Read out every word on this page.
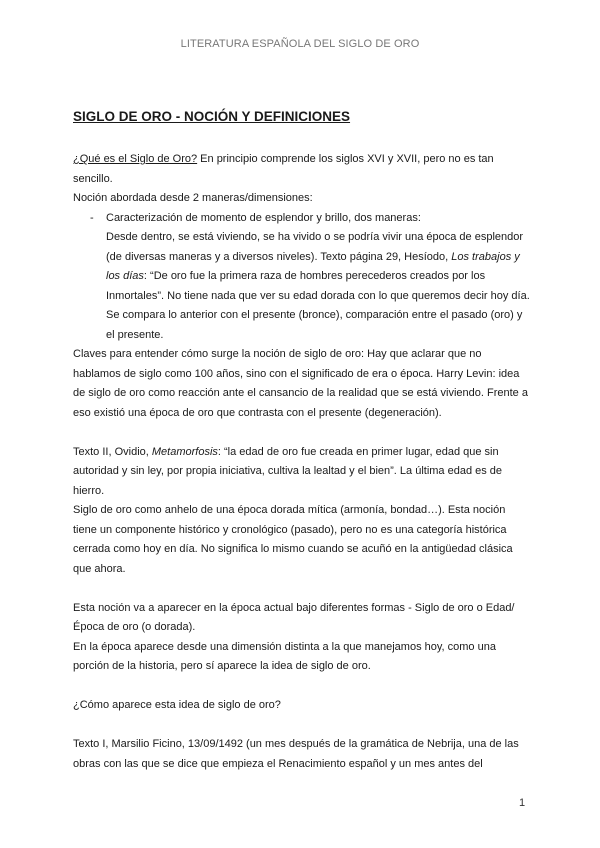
LITERATURA ESPAÑOLA DEL SIGLO DE ORO
SIGLO DE ORO - NOCIÓN Y DEFINICIONES

¿Qué es el Siglo de Oro? En principio comprende los siglos XVI y XVII, pero no es tan sencillo.

Noción abordada desde 2 maneras/dimensiones:

- Caracterización de momento de esplendor y brillo, dos maneras:

Desde dentro, se está viviendo, se ha vivido o se podría vivir una época de esplendor (de diversas maneras y a diversos niveles). Texto página 29, Hesíodo, Los trabajos y los días: “De oro fue la primera raza de hombres perecederos creados por los Inmortales”. No tiene nada que ver su edad dorada con lo que queremos decir hoy día. Se compara lo anterior con el presente (bronce), comparación entre el pasado (oro) y el presente.

Claves para entender cómo surge la noción de siglo de oro: Hay que aclarar que no hablamos de siglo como 100 años, sino con el significado de era o época. Harry Levin: idea de siglo de oro como reacción ante el cansancio de la realidad que se está viviendo. Frente a eso existió una época de oro que contrasta con el presente (degeneración).

Texto II, Ovidio, Metamorfosis: “la edad de oro fue creada en primer lugar, edad que sin autoridad y sin ley, por propia iniciativa, cultiva la lealtad y el bien”. La última edad es de hierro.

Siglo de oro como anhelo de una época dorada mítica (armonía, bondad…). Esta noción tiene un componente histórico y cronológico (pasado), pero no es una categoría histórica cerrada como hoy en día. No significa lo mismo cuando se acuñó en la antigüedad clásica que ahora.

Esta noción va a aparecer en la época actual bajo diferentes formas - Siglo de oro o Edad/Época de oro (o dorada).

En la época aparece desde una dimensión distinta a la que manejamos hoy, como una porción de la historia, pero sí aparece la idea de siglo de oro.

¿Cómo aparece esta idea de siglo de oro?

Texto I, Marsilio Ficino, 13/09/1492 (un mes después de la gramática de Nebrija, una de las obras con las que se dice que empieza el Renacimiento español y un mes antes del

1
